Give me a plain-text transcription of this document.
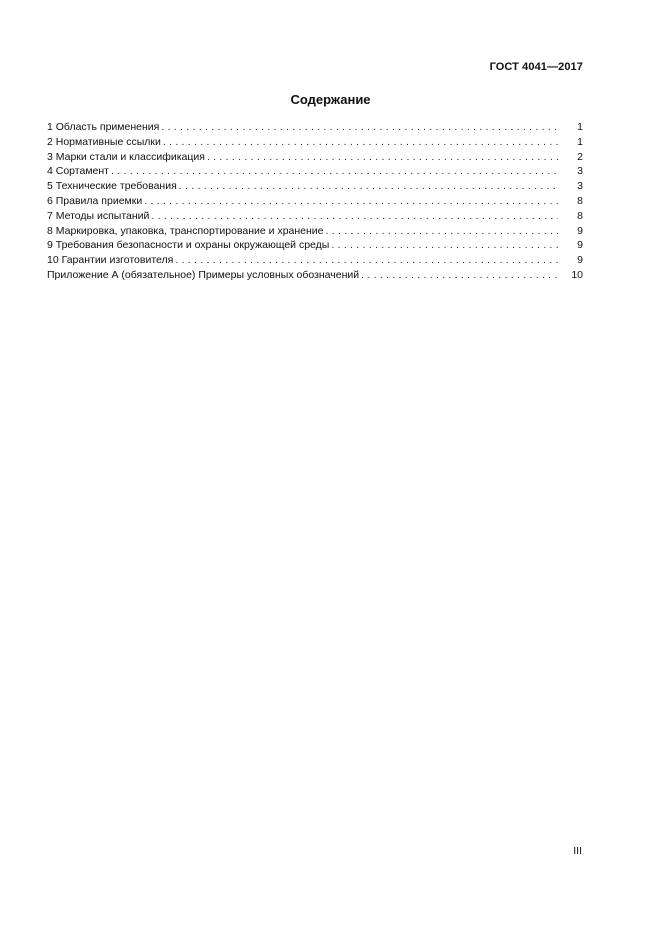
ГОСТ 4041—2017
Содержание
1 Область применения . . .	1
2 Нормативные ссылки . . .	1
3 Марки стали и классификация . . .	2
4 Сортамент . . .	3
5 Технические требования . . .	3
6 Правила приемки . . .	8
7 Методы испытаний . . .	8
8 Маркировка, упаковка, транспортирование и хранение . . .	9
9 Требования безопасности и охраны окружающей среды . . .	9
10 Гарантии изготовителя . . .	9
Приложение А (обязательное) Примеры условных обозначений . . .	10
III
